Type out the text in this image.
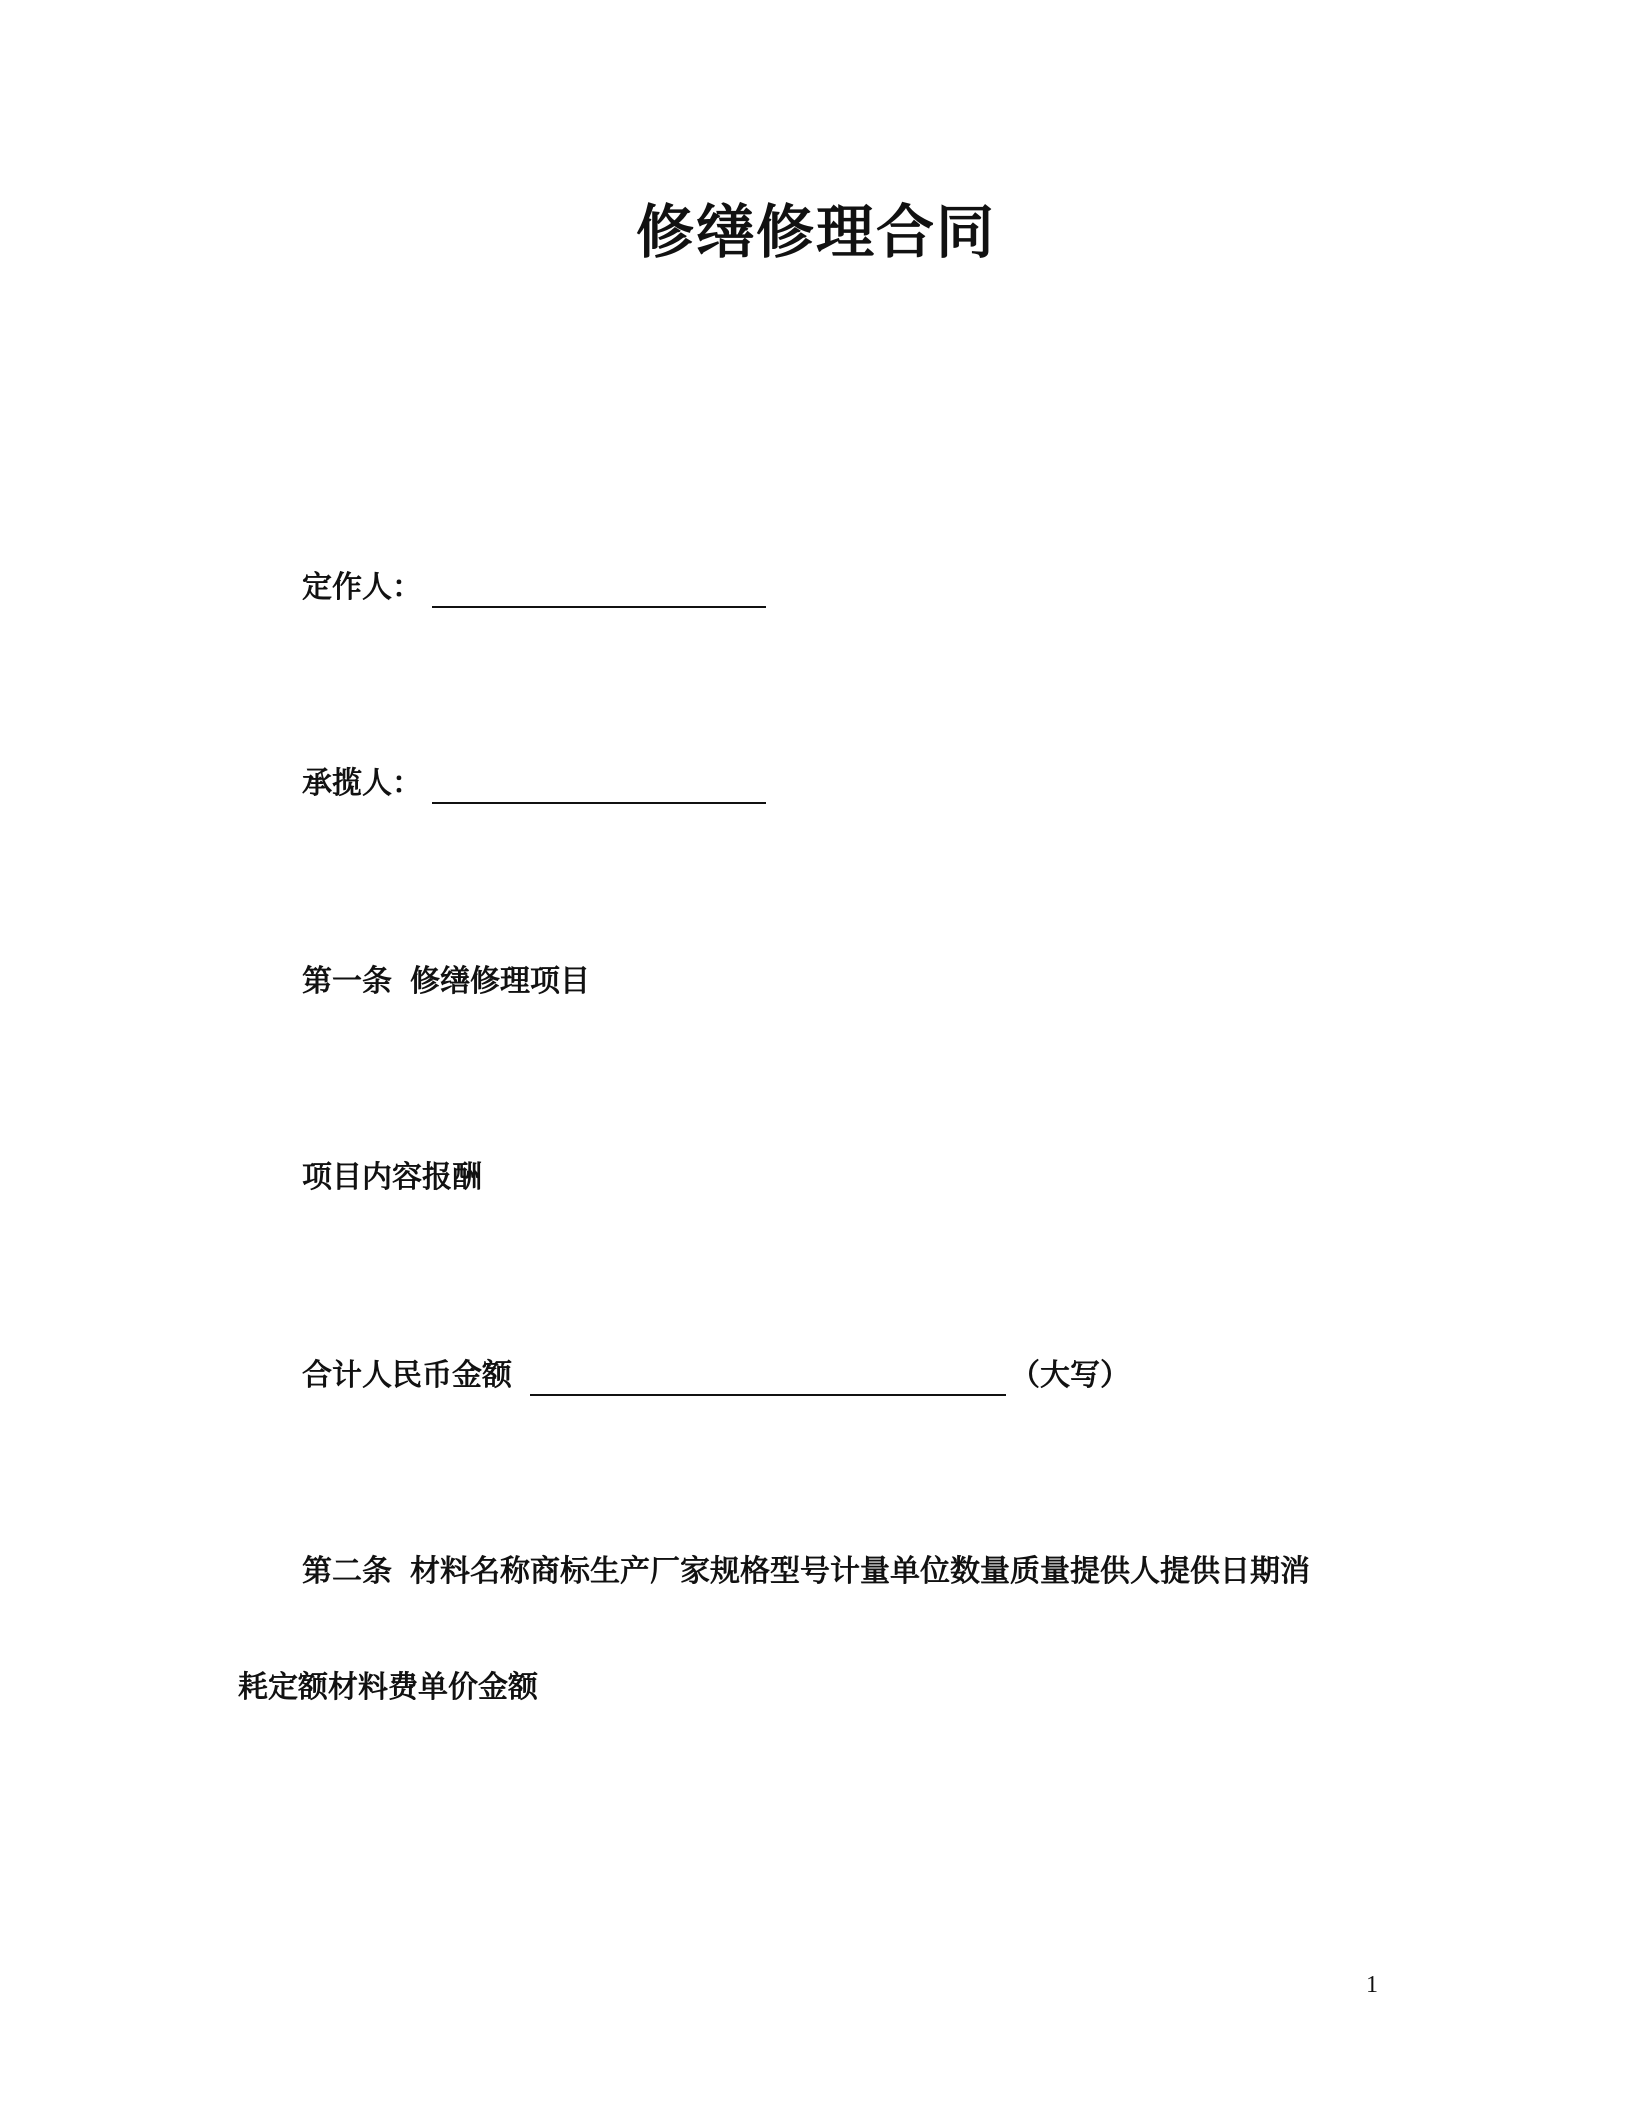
修缮修理合同
定作人：
承揽人：
第一条 修缮修理项目
项目内容报酬
合计人民币金额	（大写）
第二条 材料名称商标生产厂家规格型号计量单位数量质量提供人提供日期消
耗定额材料费单价金额
1
